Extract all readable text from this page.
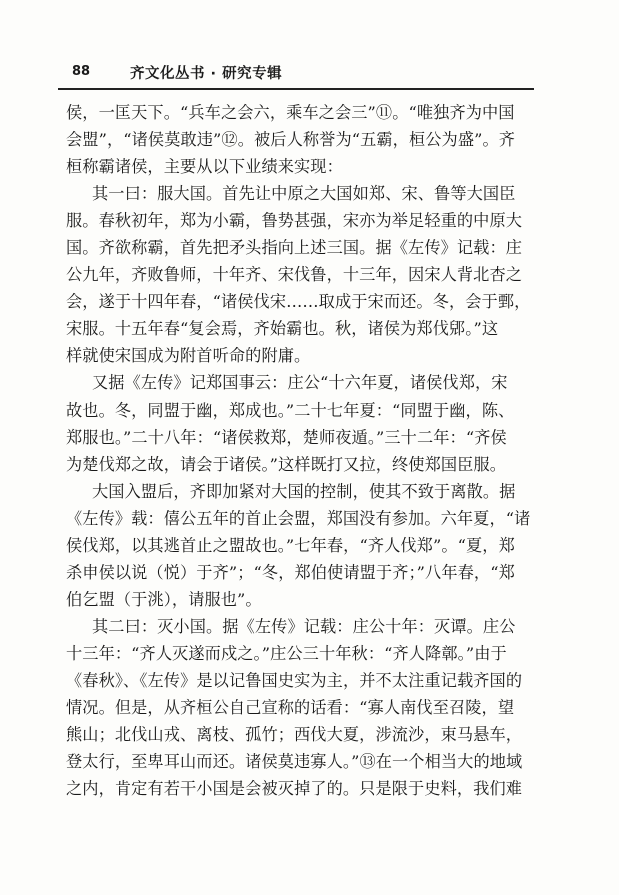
88	齐文化丛书 · 研究专辑
侯，一匡天下。“兵车之会六，乘车之会三”⑪。“唯独齐为中国
会盟”，“诸侯莫敢违”⑫。被后人称誉为“五霸，桓公为盛”。齐
桓称霸诸侯，主要从以下业绩来实现：
其一曰：服大国。首先让中原之大国如郑、宋、鲁等大国臣
服。春秋初年，郑为小霸，鲁势甚强，宋亦为举足轻重的中原大
国。齐欲称霸，首先把矛头指向上述三国。据《左传》记载：庄
公九年，齐败鲁师，十年齐、宋伐鲁，十三年，因宋人背北杏之
会，遂于十四年春，“诸侯伐宋……取成于宋而还。冬，会于鄄，
宋服。十五年春“复会焉，齐始霸也。秋，诸侯为郑伐郳。”这
样就使宋国成为附首听命的附庸。
又据《左传》记郑国事云：庄公“十六年夏，诸侯伐郑，宋
故也。冬，同盟于幽，郑成也。”二十七年夏：“同盟于幽，陈、
郑服也。”二十八年：“诸侯救郑，楚师夜遁。”三十二年：“齐侯
为楚伐郑之故，请会于诸侯。”这样既打又拉，终使郑国臣服。
大国入盟后，齐即加紧对大国的控制，使其不致于离散。据
《左传》载：僖公五年的首止会盟，郑国没有参加。六年夏，“诸
侯伐郑，以其逃首止之盟故也。”七年春，“齐人伐郑”。“夏，郑
杀申侯以说（悦）于齐”；“冬，郑伯使请盟于齐；”八年春，“郑
伯乞盟（于洮），请服也”。
其二曰：灭小国。据《左传》记载：庄公十年：灭谭。庄公
十三年：“齐人灭遂而戍之。”庄公三十年秋：“齐人降鄣。”由于
《春秋》、《左传》是以记鲁国史实为主，并不太注重记载齐国的
情况。但是，从齐桓公自己宣称的话看：“寡人南伐至召陵，望
熊山；北伐山戎、离枝、孤竹；西伐大夏，涉流沙，束马悬车，
登太行，至卑耳山而还。诸侯莫违寡人。”⑬在一个相当大的地域
之内，肯定有若干小国是会被灭掉了的。只是限于史料，我们难
